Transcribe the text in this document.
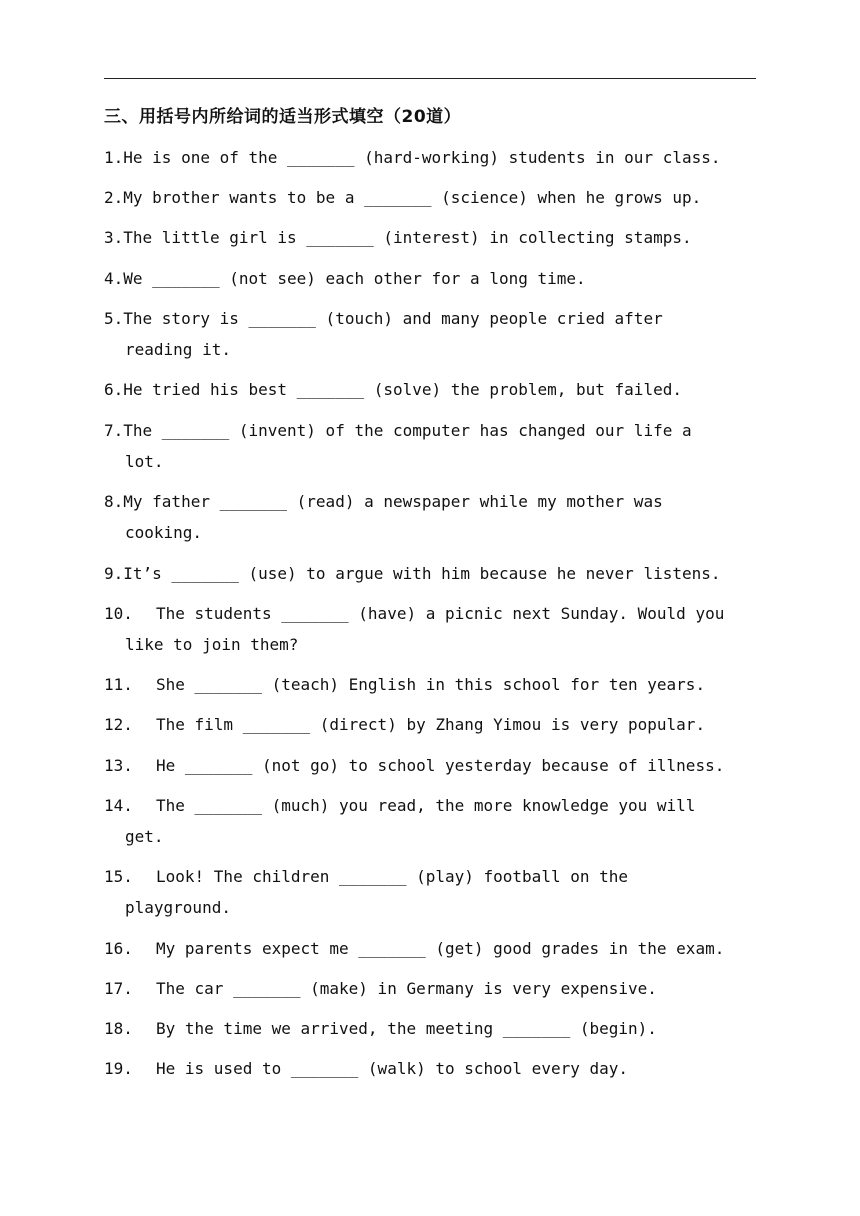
三、用括号内所给词的适当形式填空（20道）
1.He is one of the _______ (hard-working) students in our class.
2.My brother wants to be a _______ (science) when he grows up.
3.The little girl is _______ (interest) in collecting stamps.
4.We _______ (not see) each other for a long time.
5.The story is _______ (touch) and many people cried after
reading it.
6.He tried his best _______ (solve) the problem, but failed.
7.The _______ (invent) of the computer has changed our life a
lot.
8.My father _______ (read) a newspaper while my mother was
cooking.
9.It’s _______ (use) to argue with him because he never listens.
10. The students _______ (have) a picnic next Sunday. Would you
like to join them?
11. She _______ (teach) English in this school for ten years.
12. The film _______ (direct) by Zhang Yimou is very popular.
13. He _______ (not go) to school yesterday because of illness.
14. The _______ (much) you read, the more knowledge you will
get.
15. Look! The children _______ (play) football on the
playground.
16. My parents expect me _______ (get) good grades in the exam.
17. The car _______ (make) in Germany is very expensive.
18. By the time we arrived, the meeting _______ (begin).
19. He is used to _______ (walk) to school every day.
